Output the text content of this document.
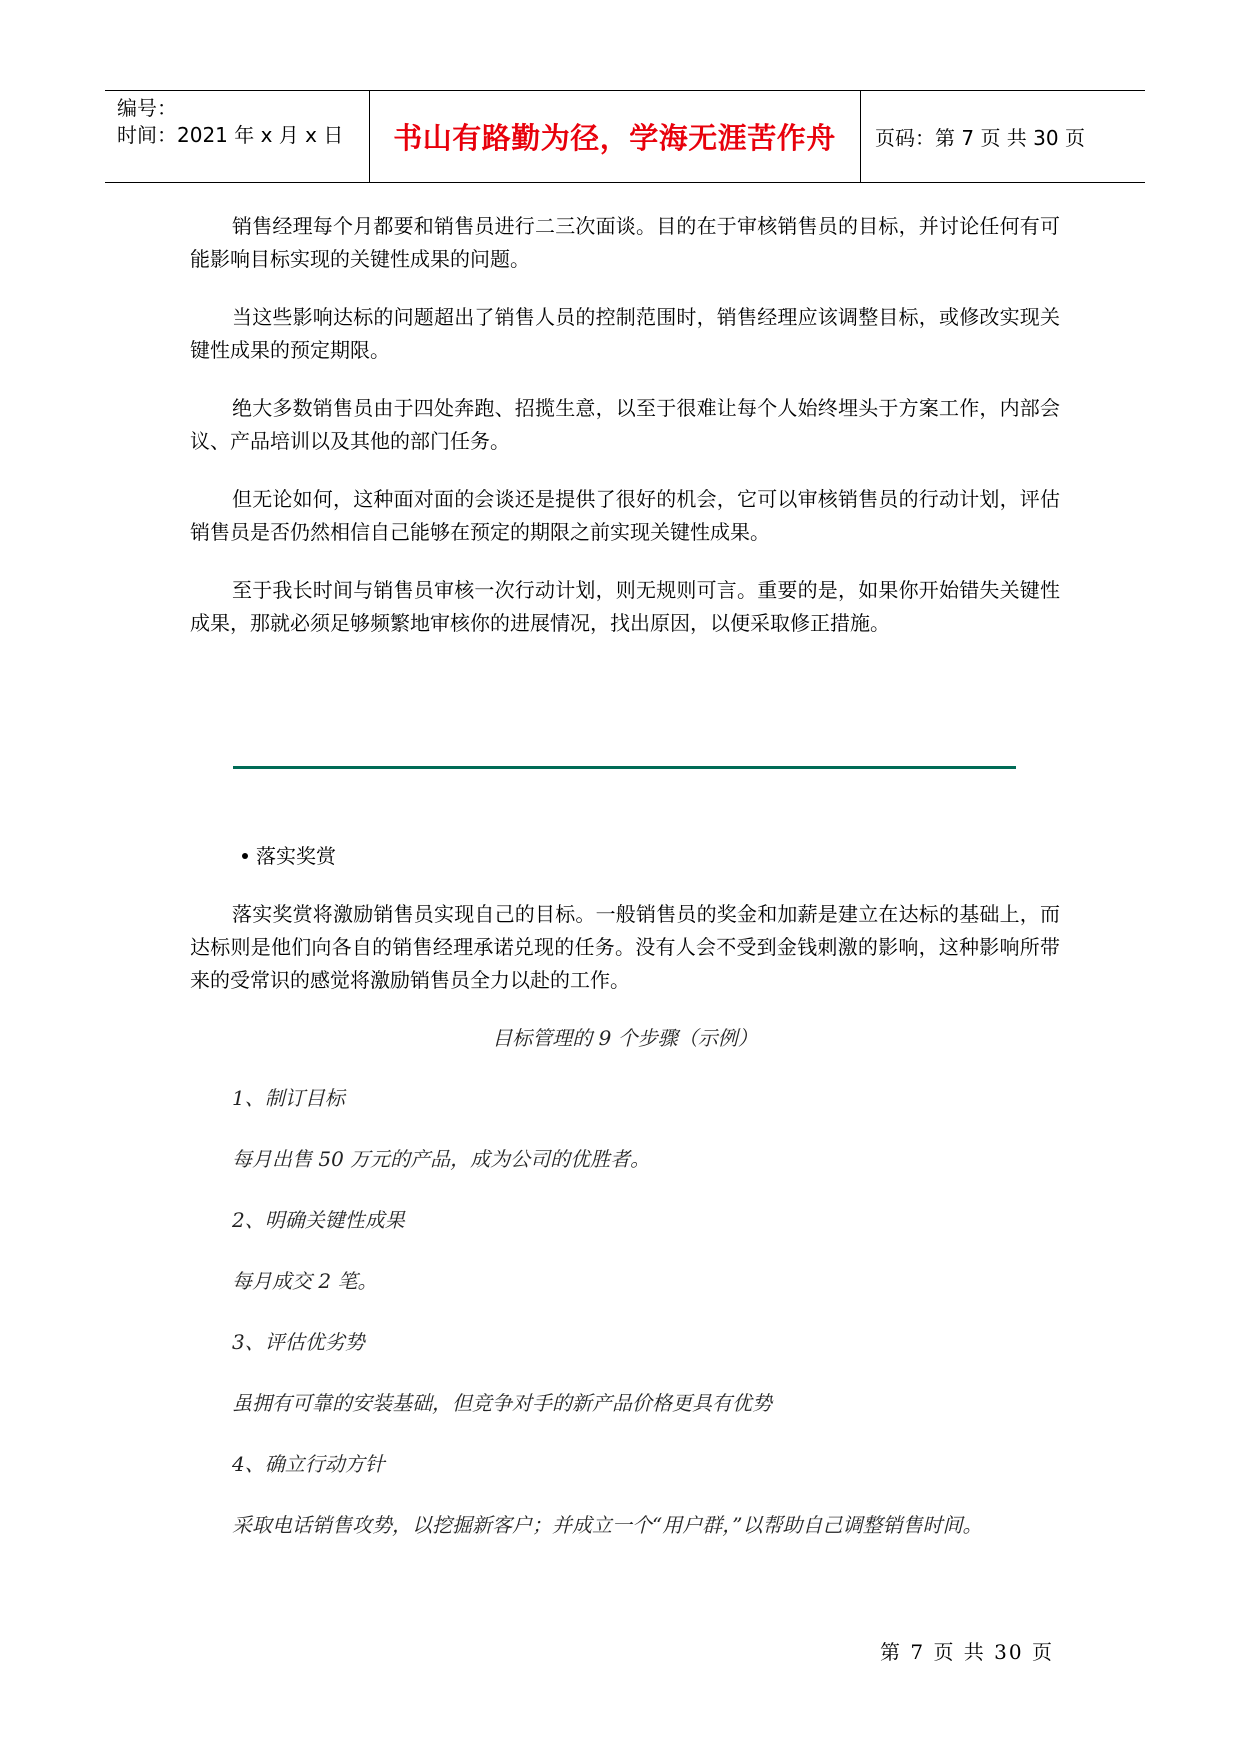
编号：
时间：2021 年 x 月 x 日	书山有路勤为径，学海无涯苦作舟	页码：第 7 页 共 30 页

销售经理每个月都要和销售员进行二三次面谈。目的在于审核销售员的目标，并讨论任何有可能影响目标实现的关键性成果的问题。

当这些影响达标的问题超出了销售人员的控制范围时，销售经理应该调整目标，或修改实现关键性成果的预定期限。

绝大多数销售员由于四处奔跑、招揽生意，以至于很难让每个人始终埋头于方案工作，内部会议、产品培训以及其他的部门任务。

但无论如何，这种面对面的会谈还是提供了很好的机会，它可以审核销售员的行动计划，评估销售员是否仍然相信自己能够在预定的期限之前实现关键性成果。

至于我长时间与销售员审核一次行动计划，则无规则可言。重要的是，如果你开始错失关键性成果，那就必须足够频繁地审核你的进展情况，找出原因，以便采取修正措施。

落实奖赏

落实奖赏将激励销售员实现自己的目标。一般销售员的奖金和加薪是建立在达标的基础上，而达标则是他们向各自的销售经理承诺兑现的任务。没有人会不受到金钱刺激的影响，这种影响所带来的受常识的感觉将激励销售员全力以赴的工作。

目标管理的 9 个步骤（示例）

1、制订目标

每月出售 50 万元的产品，成为公司的优胜者。

2、明确关键性成果

每月成交 2 笔。

3、评估优劣势

虽拥有可靠的安装基础，但竞争对手的新产品价格更具有优势

4、确立行动方针

采取电话销售攻势，以挖掘新客户；并成立一个“用户群，”以帮助自己调整销售时间。

第 7 页 共 30 页
